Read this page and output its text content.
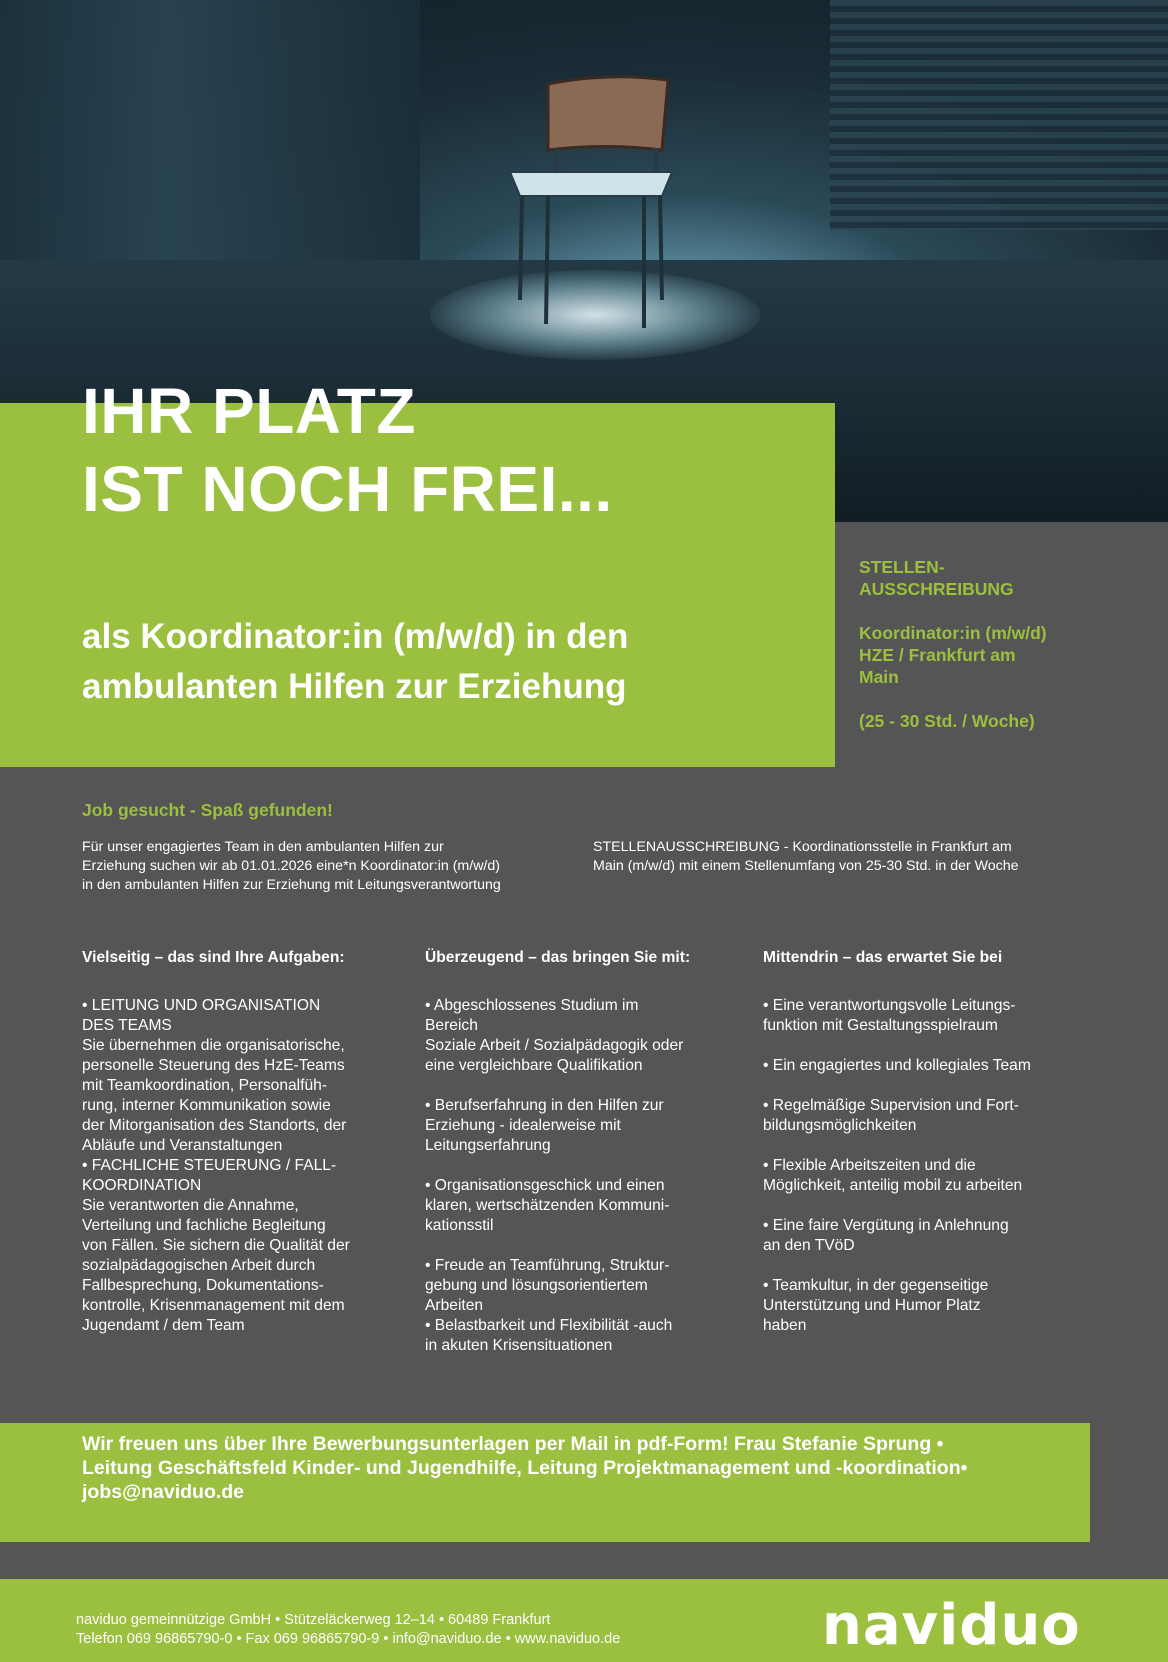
IHR PLATZ
IST NOCH FREI...
als Koordinator:in (m/w/d) in den ambulanten Hilfen zur Erziehung
STELLEN-
AUSSCHREIBUNG
Koordinator:in (m/w/d)
HZE / Frankfurt am
Main
(25 - 30 Std. / Woche)

Job gesucht - Spaß gefunden!

Für unser engagiertes Team in den ambulanten Hilfen zur
Erziehung suchen wir ab 01.01.2026 eine*n Koordinator:in (m/w/d)
in den ambulanten Hilfen zur Erziehung mit Leitungsverantwortung
STELLENAUSSCHREIBUNG - Koordinationsstelle in Frankfurt am
Main (m/w/d) mit einem Stellenumfang von 25-30 Std. in der Woche
Vielseitig – das sind Ihre Aufgaben:
• LEITUNG UND ORGANISATION
DES TEAMS
Sie übernehmen die organisatorische,
personelle Steuerung des HzE-Teams
mit Teamkoordination, Personalfüh-
rung, interner Kommunikation sowie
der Mitorganisation des Standorts, der
Abläufe und Veranstaltungen
• FACHLICHE STEUERUNG / FALL-
KOORDINATION
Sie verantworten die Annahme,
Verteilung und fachliche Begleitung
von Fällen. Sie sichern die Qualität der
sozialpädagogischen Arbeit durch
Fallbesprechung, Dokumentations-
kontrolle, Krisenmanagement mit dem
Jugendamt / dem Team
Überzeugend – das bringen Sie mit:
• Abgeschlossenes Studium im
Bereich
Soziale Arbeit / Sozialpädagogik oder
eine vergleichbare Qualifikation
• Berufserfahrung in den Hilfen zur
Erziehung - idealerweise mit
Leitungserfahrung
• Organisationsgeschick und einen
klaren, wertschätzenden Kommuni-
kationsstil
• Freude an Teamführung, Struktur-
gebung und lösungsorientiertem
Arbeiten
• Belastbarkeit und Flexibilität -auch
in akuten Krisensituationen
Mittendrin – das erwartet Sie bei
• Eine verantwortungsvolle Leitungs-
funktion mit Gestaltungsspielraum
• Ein engagiertes und kollegiales Team
• Regelmäßige Supervision und Fort-
bildungsmöglichkeiten
• Flexible Arbeitszeiten und die
Möglichkeit, anteilig mobil zu arbeiten
• Eine faire Vergütung in Anlehnung
an den TVöD
• Teamkultur, in der gegenseitige
Unterstützung und Humor Platz
haben

Wir freuen uns über Ihre Bewerbungsunterlagen per Mail in pdf-Form! Frau Stefanie Sprung • Leitung Geschäftsfeld Kinder- und Jugendhilfe, Leitung Projektmanagement und -koordination• jobs@naviduo.de

naviduo gemeinnützige GmbH • Stützeläckerweg 12–14 • 60489 Frankfurt
Telefon 069 96865790-0 • Fax 069 96865790-9 • info@naviduo.de • www.naviduo.de	naviduo
